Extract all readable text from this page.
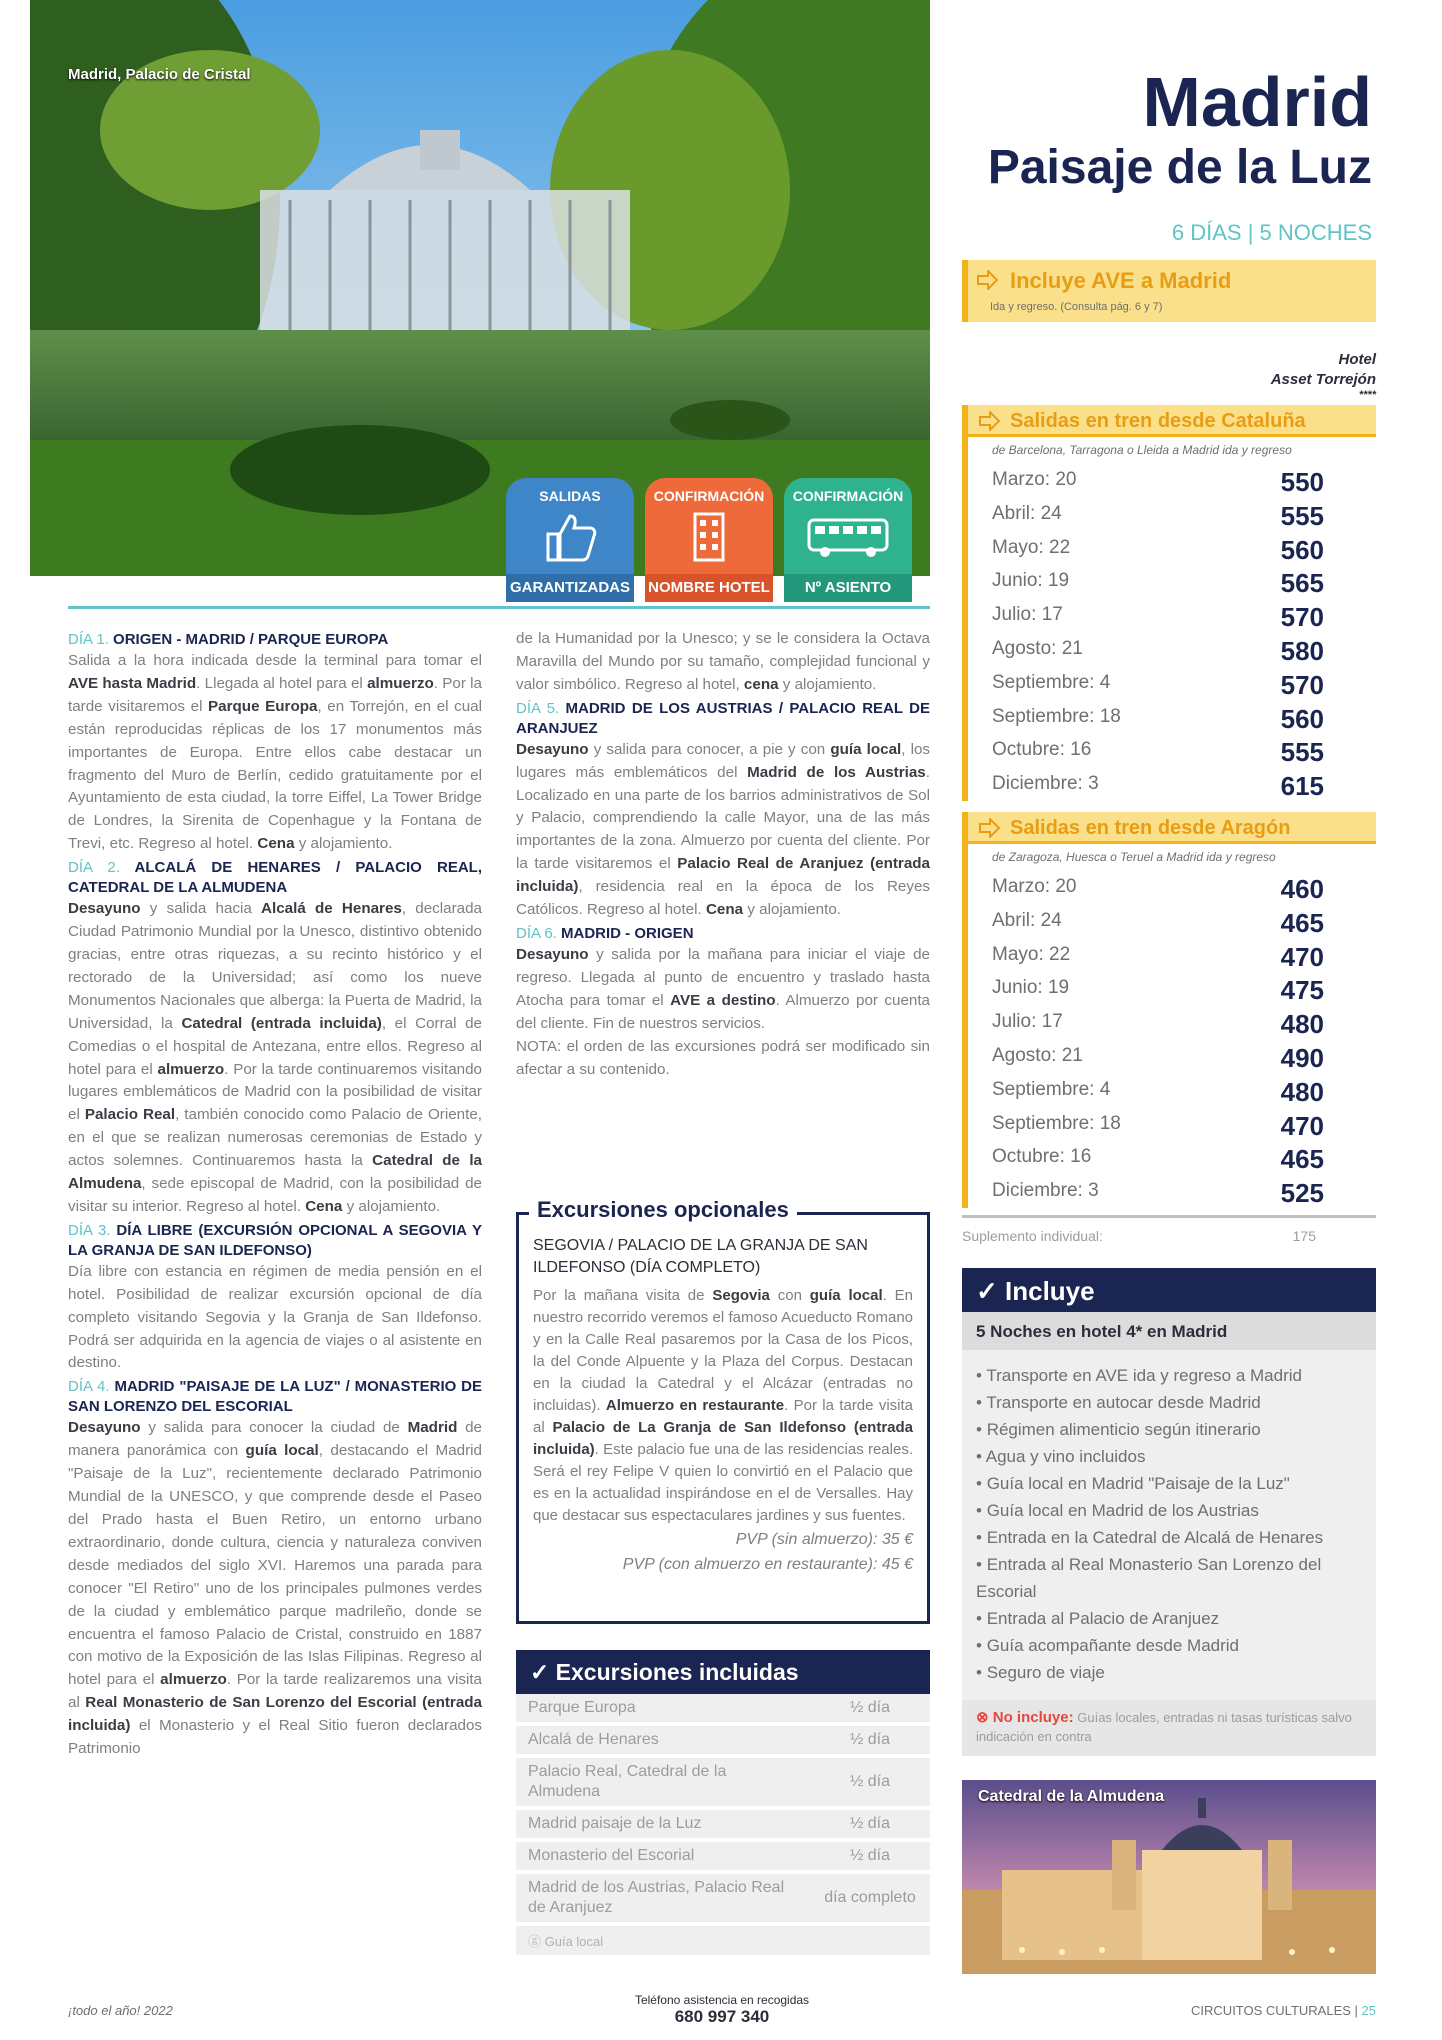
Madrid, Palacio de Cristal
SALIDAS
GARANTIZADAS
CONFIRMACIÓN
NOMBRE HOTEL
CONFIRMACIÓN
Nº ASIENTO
Madrid
Paisaje de la Luz
6 DÍAS | 5 NOCHES
Incluye AVE a Madrid
Ida y regreso. (Consulta pág. 6 y 7)
Hotel
Asset Torrejón
****
Salidas en tren desde Cataluña
de Barcelona, Tarragona o Lleida a Madrid ida y regreso
Marzo: 20	550
Abril: 24	555
Mayo: 22	560
Junio: 19	565
Julio: 17	570
Agosto: 21	580
Septiembre: 4	570
Septiembre: 18	560
Octubre: 16	555
Diciembre: 3	615
Salidas en tren desde Aragón
de Zaragoza, Huesca o Teruel a Madrid ida y regreso
Marzo: 20	460
Abril: 24	465
Mayo: 22	470
Junio: 19	475
Julio: 17	480
Agosto: 21	490
Septiembre: 4	480
Septiembre: 18	470
Octubre: 16	465
Diciembre: 3	525
Suplemento individual:	175
✓ Incluye
5 Noches en hotel 4* en Madrid
• Transporte en AVE ida y regreso a Madrid
• Transporte en autocar desde Madrid
• Régimen alimenticio según itinerario
• Agua y vino incluidos
• Guía local en Madrid "Paisaje de la Luz"
• Guía local en Madrid de los Austrias
• Entrada en la Catedral de Alcalá de Henares
• Entrada al Real Monasterio San Lorenzo del Escorial
• Entrada al Palacio de Aranjuez
• Guía acompañante desde Madrid
• Seguro de viaje
⊗ No incluye: Guías locales, entradas ni tasas turísticas salvo indicación en contra
Catedral de la Almudena
DÍA 1. ORIGEN - MADRID / PARQUE EUROPA
Salida a la hora indicada desde la terminal para tomar el AVE hasta Madrid. Llegada al hotel para el almuerzo. Por la tarde visitaremos el Parque Europa, en Torrejón, en el cual están reproducidas réplicas de los 17 monumentos más importantes de Europa. Entre ellos cabe destacar un fragmento del Muro de Berlín, cedido gratuitamente por el Ayuntamiento de esta ciudad, la torre Eiffel, La Tower Bridge de Londres, la Sirenita de Copenhague y la Fontana de Trevi, etc. Regreso al hotel. Cena y alojamiento.
DÍA 2. ALCALÁ DE HENARES / PALACIO REAL, CATEDRAL DE LA ALMUDENA
Desayuno y salida hacia Alcalá de Henares, declarada Ciudad Patrimonio Mundial por la Unesco, distintivo obtenido gracias, entre otras riquezas, a su recinto histórico y el rectorado de la Universidad; así como los nueve Monumentos Nacionales que alberga: la Puerta de Madrid, la Universidad, la Catedral (entrada incluida), el Corral de Comedias o el hospital de Antezana, entre ellos. Regreso al hotel para el almuerzo. Por la tarde continuaremos visitando lugares emblemáticos de Madrid con la posibilidad de visitar el Palacio Real, también conocido como Palacio de Oriente, en el que se realizan numerosas ceremonias de Estado y actos solemnes. Continuaremos hasta la Catedral de la Almudena, sede episcopal de Madrid, con la posibilidad de visitar su interior. Regreso al hotel. Cena y alojamiento.
DÍA 3. DÍA LIBRE (EXCURSIÓN OPCIONAL A SEGOVIA Y LA GRANJA DE SAN ILDEFONSO)
Día libre con estancia en régimen de media pensión en el hotel. Posibilidad de realizar excursión opcional de día completo visitando Segovia y la Granja de San Ildefonso. Podrá ser adquirida en la agencia de viajes o al asistente en destino.
DÍA 4. MADRID "PAISAJE DE LA LUZ" / MONASTERIO DE SAN LORENZO DEL ESCORIAL
Desayuno y salida para conocer la ciudad de Madrid de manera panorámica con guía local, destacando el Madrid "Paisaje de la Luz", recientemente declarado Patrimonio Mundial de la UNESCO, y que comprende desde el Paseo del Prado hasta el Buen Retiro, un entorno urbano extraordinario, donde cultura, ciencia y naturaleza conviven desde mediados del siglo XVI. Haremos una parada para conocer "El Retiro" uno de los principales pulmones verdes de la ciudad y emblemático parque madrileño, donde se encuentra el famoso Palacio de Cristal, construido en 1887 con motivo de la Exposición de las Islas Filipinas. Regreso al hotel para el almuerzo. Por la tarde realizaremos una visita al Real Monasterio de San Lorenzo del Escorial (entrada incluida) el Monasterio y el Real Sitio fueron declarados Patrimonio
de la Humanidad por la Unesco; y se le considera la Octava Maravilla del Mundo por su tamaño, complejidad funcional y valor simbólico. Regreso al hotel, cena y alojamiento.
DÍA 5. MADRID DE LOS AUSTRIAS / PALACIO REAL DE ARANJUEZ
Desayuno y salida para conocer, a pie y con guía local, los lugares más emblemáticos del Madrid de los Austrias. Localizado en una parte de los barrios administrativos de Sol y Palacio, comprendiendo la calle Mayor, una de las más importantes de la zona. Almuerzo por cuenta del cliente. Por la tarde visitaremos el Palacio Real de Aranjuez (entrada incluida), residencia real en la época de los Reyes Católicos. Regreso al hotel. Cena y alojamiento.
DÍA 6. MADRID - ORIGEN
Desayuno y salida por la mañana para iniciar el viaje de regreso. Llegada al punto de encuentro y traslado hasta Atocha para tomar el AVE a destino. Almuerzo por cuenta del cliente. Fin de nuestros servicios.
NOTA: el orden de las excursiones podrá ser modificado sin afectar a su contenido.
Excursiones opcionales
SEGOVIA / PALACIO DE LA GRANJA DE SAN ILDEFONSO (DÍA COMPLETO)
Por la mañana visita de Segovia con guía local. En nuestro recorrido veremos el famoso Acueducto Romano y en la Calle Real pasaremos por la Casa de los Picos, la del Conde Alpuente y la Plaza del Corpus. Destacan en la ciudad la Catedral y el Alcázar (entradas no incluidas). Almuerzo en restaurante. Por la tarde visita al Palacio de La Granja de San Ildefonso (entrada incluida). Este palacio fue una de las residencias reales. Será el rey Felipe V quien lo convirtió en el Palacio que es en la actualidad inspirándose en el de Versalles. Hay que destacar sus espectaculares jardines y sus fuentes.
PVP (sin almuerzo): 35 €
PVP (con almuerzo en restaurante): 45 €
✓ Excursiones incluidas
Parque Europa	½ día
Alcalá de Henares	½ día
Palacio Real, Catedral de la Almudena	½ día
Madrid paisaje de la Luz	½ día
Monasterio del Escorial	½ día
Madrid de los Austrias, Palacio Real de Aranjuez	día completo
ⓖ Guía local
¡todo el año! 2022
Teléfono asistencia en recogidas
680 997 340	CIRCUITOS CULTURALES | 25
